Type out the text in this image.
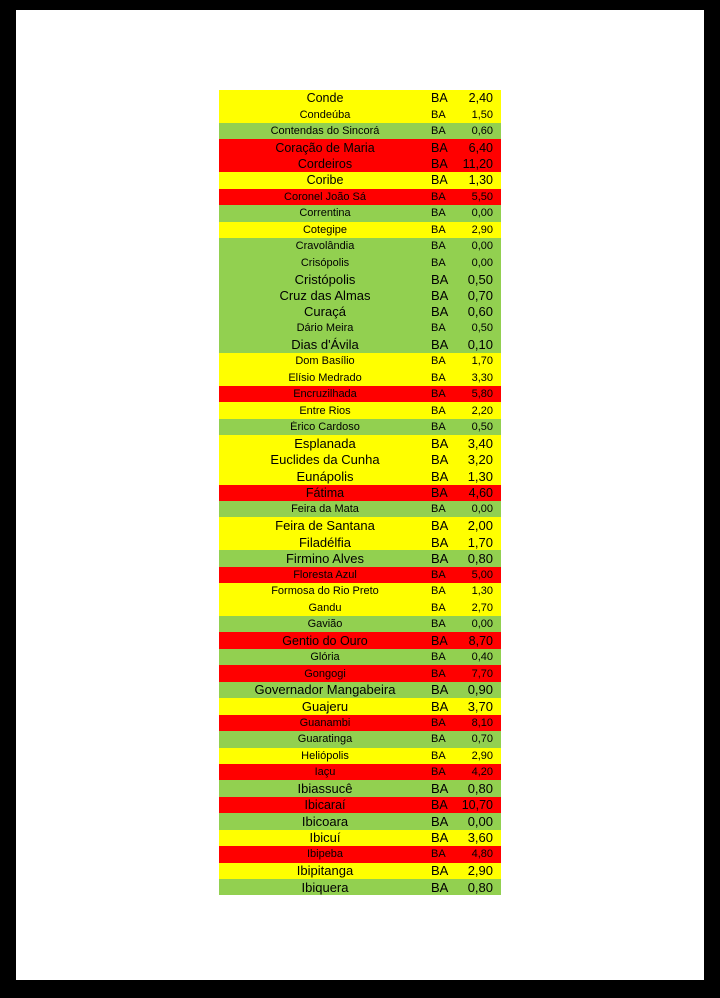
Conde	BA	2,40
Condeúba	BA	1,50
Contendas do Sincorá	BA	0,60
Coração de Maria	BA	6,40
Cordeiros	BA	11,20
Coribe	BA	1,30
Coronel João Sá	BA	5,50
Correntina	BA	0,00
Cotegipe	BA	2,90
Cravolândia	BA	0,00
Crisópolis	BA	0,00
Cristópolis	BA	0,50
Cruz das Almas	BA	0,70
Curaçá	BA	0,60
Dário Meira	BA	0,50
Dias d'Ávila	BA	0,10
Dom Basílio	BA	1,70
Elísio Medrado	BA	3,30
Encruzilhada	BA	5,80
Entre Rios	BA	2,20
Érico Cardoso	BA	0,50
Esplanada	BA	3,40
Euclides da Cunha	BA	3,20
Eunápolis	BA	1,30
Fátima	BA	4,60
Feira da Mata	BA	0,00
Feira de Santana	BA	2,00
Filadélfia	BA	1,70
Firmino Alves	BA	0,80
Floresta Azul	BA	5,00
Formosa do Rio Preto	BA	1,30
Gandu	BA	2,70
Gavião	BA	0,00
Gentio do Ouro	BA	8,70
Glória	BA	0,40
Gongogi	BA	7,70
Governador Mangabeira	BA	0,90
Guajeru	BA	3,70
Guanambi	BA	8,10
Guaratinga	BA	0,70
Heliópolis	BA	2,90
Iaçu	BA	4,20
Ibiassucê	BA	0,80
Ibicaraí	BA	10,70
Ibicoara	BA	0,00
Ibicuí	BA	3,60
Ibipeba	BA	4,80
Ibipitanga	BA	2,90
Ibiquera	BA	0,80
